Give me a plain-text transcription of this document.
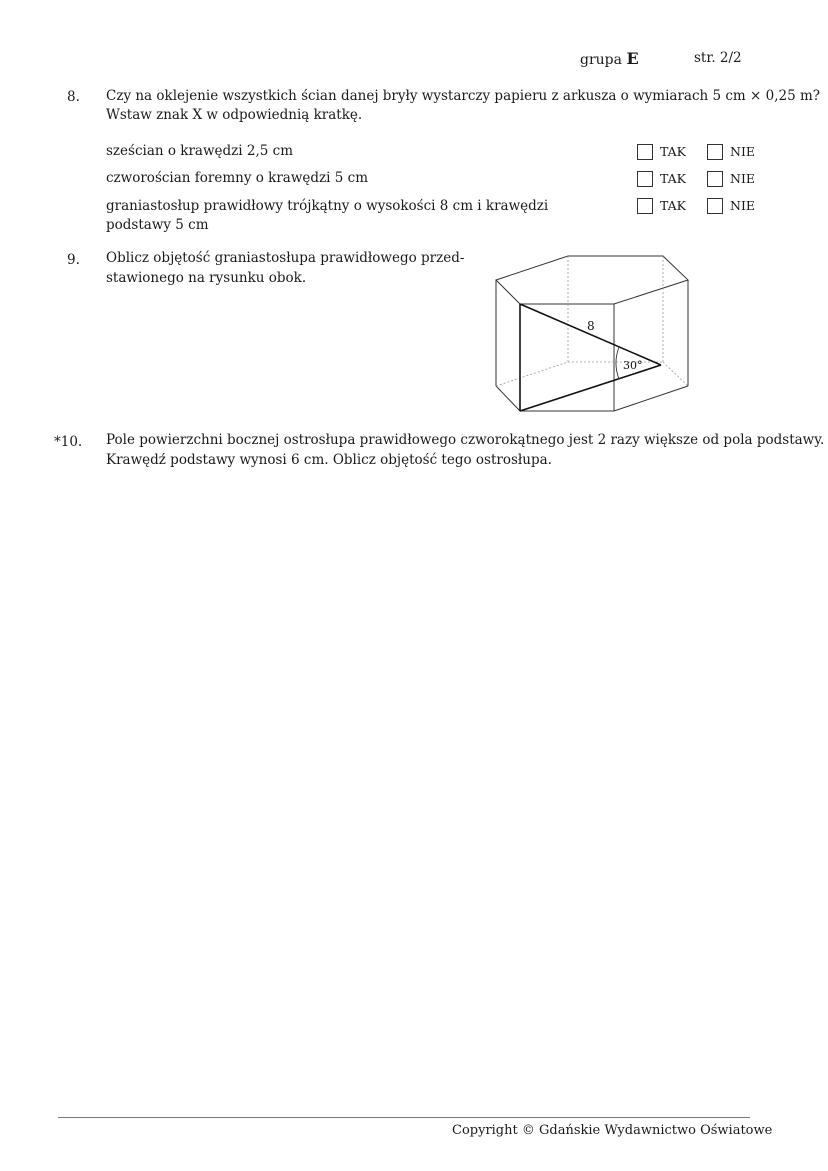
grupa E	str. 2/2
8. Czy na oklejenie wszystkich ścian danej bryły wystarczy papieru z arkusza o wymiarach 5 cm × 0,25 m?
Wstaw znak X w odpowiednią kratkę.
sześcian o krawędzi 2,5 cm	TAK	NIE
czworościan foremny o krawędzi 5 cm	TAK	NIE
graniastosłup prawidłowy trójkątny o wysokości 8 cm i krawędzi
podstawy 5 cm
TAK	NIE
9. Oblicz objętość graniastosłupa prawidłowego przed-
stawionego na rysunku obok.
8
30°
*10. Pole powierzchni bocznej ostrosłupa prawidłowego czworokątnego jest 2 razy większe od pola podstawy.
Krawędź podstawy wynosi 6 cm. Oblicz objętość tego ostrosłupa.
Copyright © Gdańskie Wydawnictwo Oświatowe
